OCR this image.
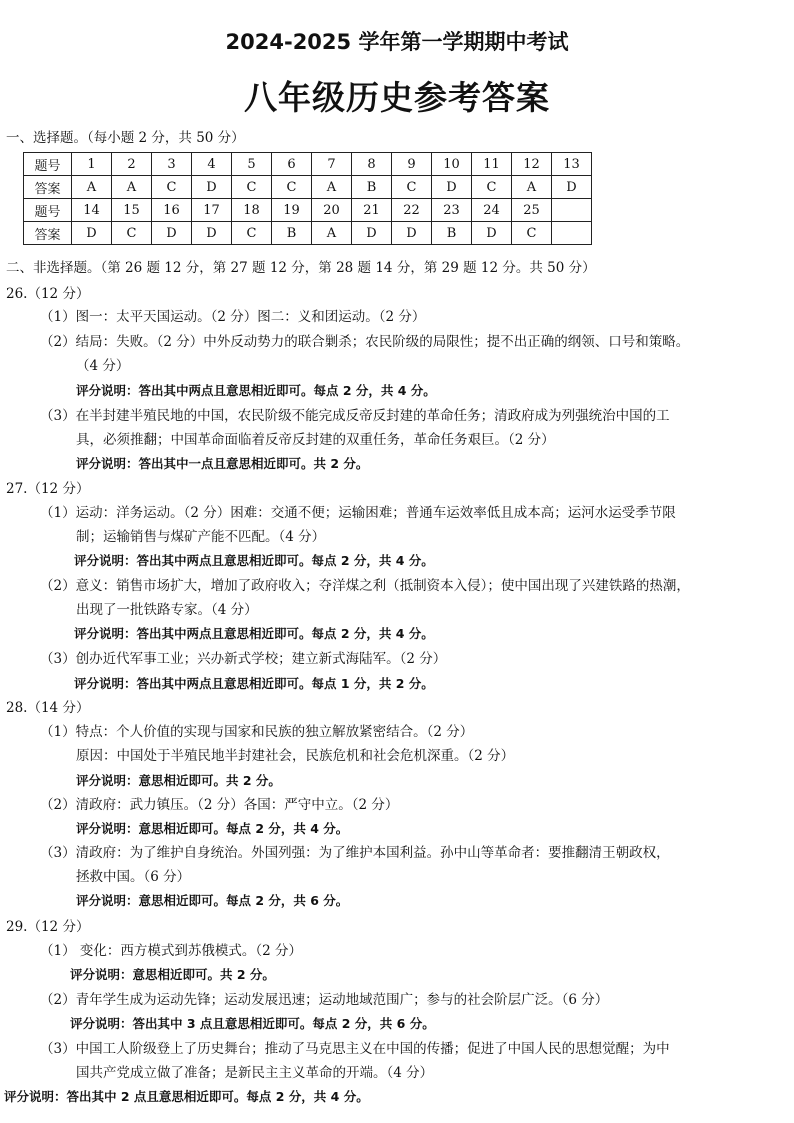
2024-2025 学年第一学期期中考试
八年级历史参考答案
一、选择题。（每小题 2 分，共 50 分）
题号	1	2	3	4	5	6	7	8	9	10	11	12	13
答案	A	A	C	D	C	C	A	B	C	D	C	A	D
题号	14	15	16	17	18	19	20	21	22	23	24	25	
答案	D	C	D	D	C	B	A	D	D	B	D	C	
二、非选择题。（第 26 题 12 分，第 27 题 12 分，第 28 题 14 分，第 29 题 12 分。共 50 分）
26.（12 分）
（1）图一：太平天国运动。（2 分）图二：义和团运动。（2 分）
（2）结局：失败。（2 分）中外反动势力的联合剿杀；农民阶级的局限性；提不出正确的纲领、口号和策略。
（4 分）
评分说明：答出其中两点且意思相近即可。每点 2 分，共 4 分。
（3）在半封建半殖民地的中国，农民阶级不能完成反帝反封建的革命任务；清政府成为列强统治中国的工
具，必须推翻；中国革命面临着反帝反封建的双重任务，革命任务艰巨。（2 分）
评分说明：答出其中一点且意思相近即可。共 2 分。
27.（12 分）
（1）运动：洋务运动。（2 分）困难：交通不便；运输困难；普通车运效率低且成本高；运河水运受季节限
制；运输销售与煤矿产能不匹配。（4 分）
评分说明：答出其中两点且意思相近即可。每点 2 分，共 4 分。
（2）意义：销售市场扩大，增加了政府收入；夺洋煤之利（抵制资本入侵）；使中国出现了兴建铁路的热潮，
出现了一批铁路专家。（4 分）
评分说明：答出其中两点且意思相近即可。每点 2 分，共 4 分。
（3）创办近代军事工业；兴办新式学校；建立新式海陆军。（2 分）
评分说明：答出其中两点且意思相近即可。每点 1 分，共 2 分。
28.（14 分）
（1）特点：个人价值的实现与国家和民族的独立解放紧密结合。（2 分）
原因：中国处于半殖民地半封建社会，民族危机和社会危机深重。（2 分）
评分说明：意思相近即可。共 2 分。
（2）清政府：武力镇压。（2 分）各国：严守中立。（2 分）
评分说明：意思相近即可。每点 2 分，共 4 分。
（3）清政府：为了维护自身统治。外国列强：为了维护本国利益。孙中山等革命者：要推翻清王朝政权，
拯救中国。（6 分）
评分说明：意思相近即可。每点 2 分，共 6 分。
29.（12 分）
（1） 变化：西方模式到苏俄模式。（2 分）
评分说明：意思相近即可。共 2 分。
（2）青年学生成为运动先锋；运动发展迅速；运动地域范围广；参与的社会阶层广泛。（6 分）
评分说明：答出其中 3 点且意思相近即可。每点 2 分，共 6 分。
（3）中国工人阶级登上了历史舞台；推动了马克思主义在中国的传播；促进了中国人民的思想觉醒；为中
国共产党成立做了准备；是新民主主义革命的开端。（4 分）
评分说明：答出其中 2 点且意思相近即可。每点 2 分，共 4 分。
